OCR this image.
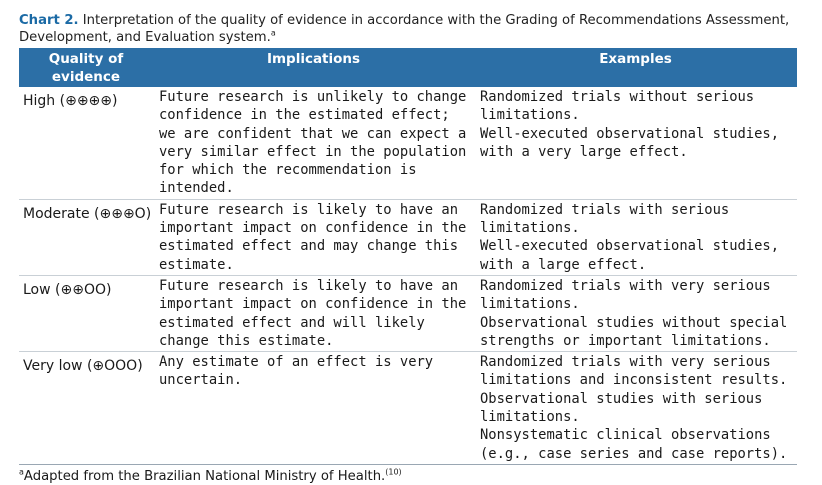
Chart 2. Interpretation of the quality of evidence in accordance with the Grading of Recommendations Assessment, Development, and Evaluation system.$^a$

Quality of evidence	Implications	Examples
High (⊕⊕⊕⊕)	Future research is unlikely to change confidence in the estimated effect; we are confident that we can expect a very similar effect in the population for which the recommendation is intended.	Randomized trials without serious limitations.
Well-executed observational studies, with a very large effect.

Moderate (⊕⊕⊕O)	Future research is likely to have an important impact on confidence in the estimated effect and may change this estimate.	Randomized trials with serious limitations.
Well-executed observational studies, with a large effect.

Low (⊕⊕OO)	Future research is likely to have an important impact on confidence in the estimated effect and will likely change this estimate.	Randomized trials with very serious limitations.
Observational studies without special strengths or important limitations.

Very low (⊕OOO)	Any estimate of an effect is very uncertain.	Randomized trials with very serious limitations and inconsistent results.
Observational studies with serious limitations.
Nonsystematic clinical observations (e.g., case series and case reports).
$^a$Adapted from the Brazilian National Ministry of Health.$^{(10)}$
